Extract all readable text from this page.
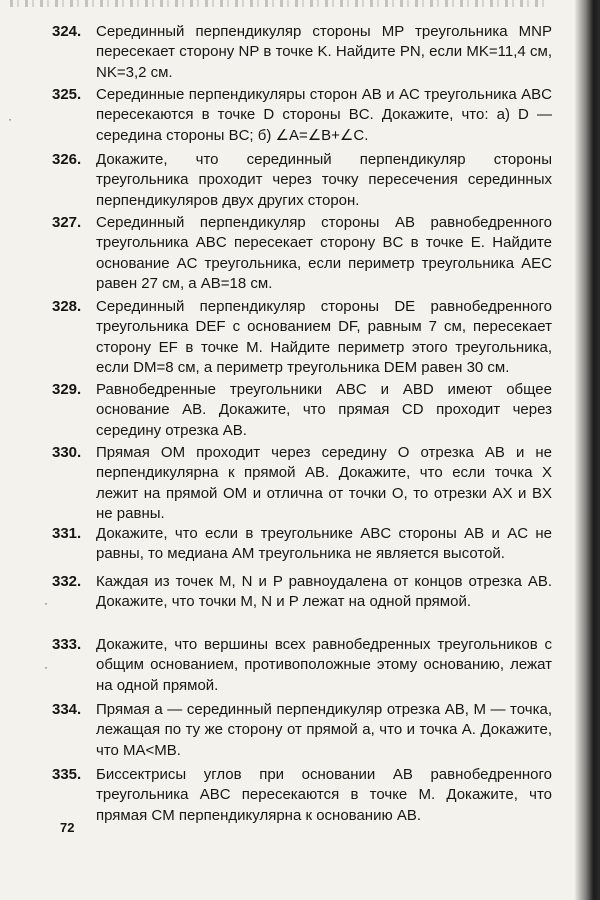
324. Серединный перпендикуляр стороны MP треугольника MNP пересекает сторону NP в точке K. Найдите PN, если MK=11,4 см, NK=3,2 см.
325. Серединные перпендикуляры сторон AB и AC треугольника ABC пересекаются в точке D стороны BC. Докажите, что: а) D — середина стороны BC; б) ∠A=∠B+∠C.
326. Докажите, что серединный перпендикуляр стороны треугольника проходит через точку пересечения серединных перпендикуляров двух других сторон.
327. Серединный перпендикуляр стороны AB равнобедренного треугольника ABC пересекает сторону BC в точке E. Найдите основание AC треугольника, если периметр треугольника AEC равен 27 см, а AB=18 см.
328. Серединный перпендикуляр стороны DE равнобедренного треугольника DEF с основанием DF, равным 7 см, пересекает сторону EF в точке M. Найдите периметр этого треугольника, если DM=8 см, а периметр треугольника DEM равен 30 см.
329. Равнобедренные треугольники ABC и ABD имеют общее основание AB. Докажите, что прямая CD проходит через середину отрезка AB.
330. Прямая OM проходит через середину O отрезка AB и не перпендикулярна к прямой AB. Докажите, что если точка X лежит на прямой OM и отлична от точки O, то отрезки AX и BX не равны.
331. Докажите, что если в треугольнике ABC стороны AB и AC не равны, то медиана AM треугольника не является высотой.
332. Каждая из точек M, N и P равноудалена от концов отрезка AB. Докажите, что точки M, N и P лежат на одной прямой.
333. Докажите, что вершины всех равнобедренных треугольников с общим основанием, противоположные этому основанию, лежат на одной прямой.
334. Прямая a — серединный перпендикуляр отрезка AB, M — точка, лежащая по ту же сторону от прямой a, что и точка A. Докажите, что MA<MB.
335. Биссектрисы углов при основании AB равнобедренного треугольника ABC пересекаются в точке M. Докажите, что прямая CM перпендикулярна к основанию AB.
72
·
·
·
